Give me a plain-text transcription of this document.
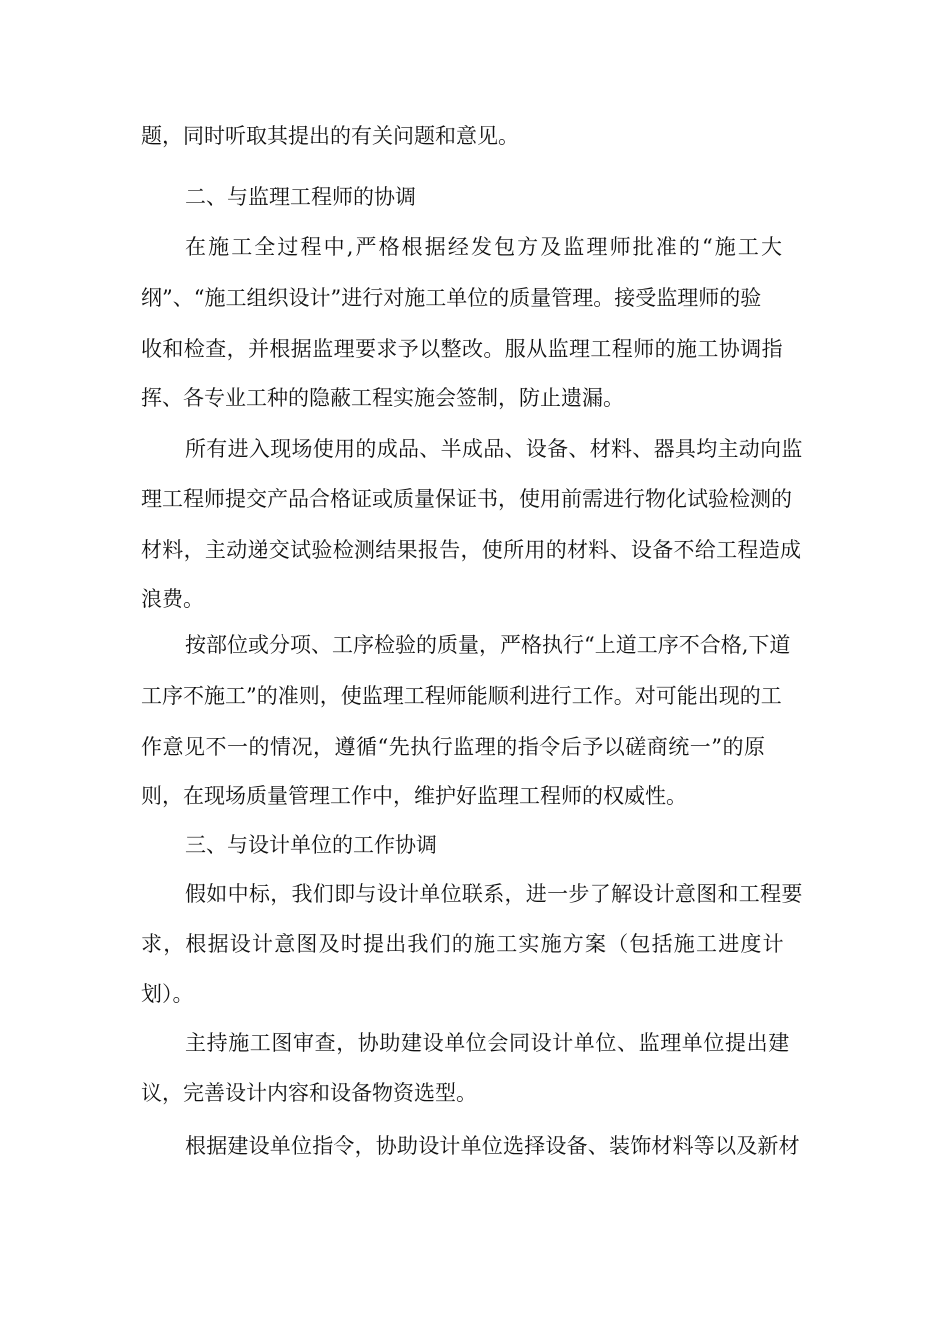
题，同时听取其提出的有关问题和意见。
二、与监理工程师的协调
在施工全过程中,严格根据经发包方及监理师批准的“施工大
纲”、“施工组织设计”进行对施工单位的质量管理。接受监理师的验
收和检查，并根据监理要求予以整改。服从监理工程师的施工协调指
挥、各专业工种的隐蔽工程实施会签制，防止遗漏。
所有进入现场使用的成品、半成品、设备、材料、器具均主动向监
理工程师提交产品合格证或质量保证书，使用前需进行物化试验检测的
材料，主动递交试验检测结果报告，使所用的材料、设备不给工程造成
浪费。
按部位或分项、工序检验的质量，严格执行“上道工序不合格,下道
工序不施工”的准则，使监理工程师能顺利进行工作。对可能出现的工
作意见不一的情况，遵循“先执行监理的指令后予以磋商统一”的原
则，在现场质量管理工作中，维护好监理工程师的权威性。
三、与设计单位的工作协调
假如中标，我们即与设计单位联系，进一步了解设计意图和工程要
求，根据设计意图及时提出我们的施工实施方案（包括施工进度计
划）。
主持施工图审查，协助建设单位会同设计单位、监理单位提出建
议，完善设计内容和设备物资选型。
根据建设单位指令，协助设计单位选择设备、装饰材料等以及新材
